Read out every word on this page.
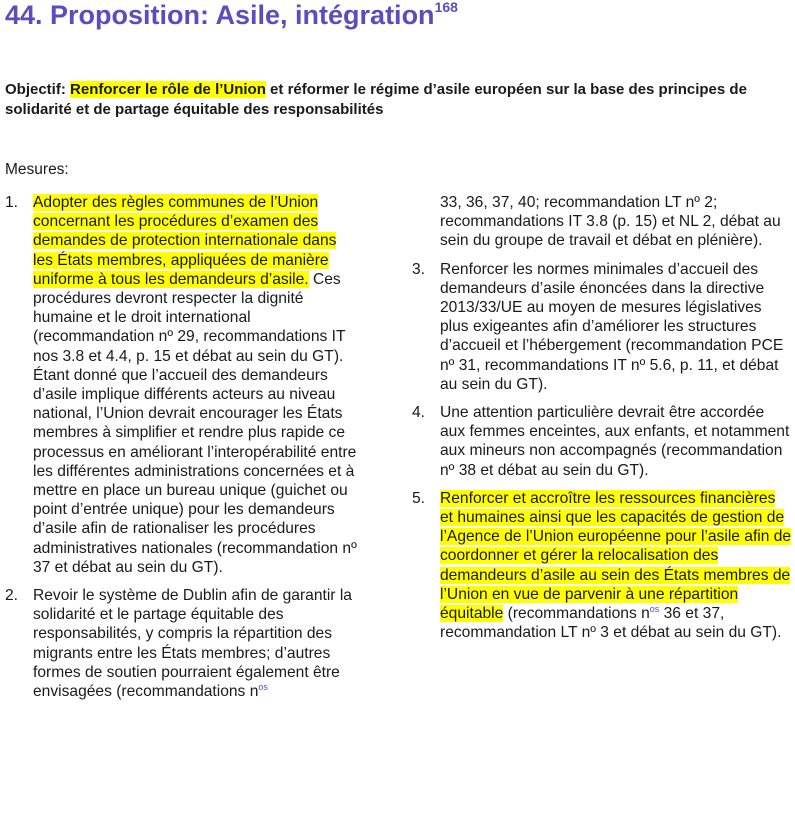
44. Proposition: Asile, intégration$^{168}$
Objectif: Renforcer le rôle de l’Union et réformer le régime d’asile européen sur la base des principes de solidarité et de partage équitable des responsabilités
Mesures:
1. Adopter des règles communes de l’Union concernant les procédures d’examen des demandes de protection internationale dans les États membres, appliquées de manière uniforme à tous les demandeurs d’asile. Ces procédures devront respecter la dignité humaine et le droit international (recommandation nº 29, recommandations IT nos 3.8 et 4.4, p. 15 et débat au sein du GT). Étant donné que l’accueil des demandeurs d’asile implique différents acteurs au niveau national, l’Union devrait encourager les États membres à simplifier et rendre plus rapide ce processus en améliorant l’interopérabilité entre les différentes administrations concernées et à mettre en place un bureau unique (guichet ou point d’entrée unique) pour les demandeurs d’asile afin de rationaliser les procédures administratives nationales (recommandation nº 37 et débat au sein du GT).
2. Revoir le système de Dublin afin de garantir la solidarité et le partage équitable des responsabilités, y compris la répartition des migrants entre les États membres; d’autres formes de soutien pourraient également être envisagées (recommandations $n^{os}$
33, 36, 37, 40; recommandation LT nº 2; recommandations IT 3.8 (p. 15) et NL 2, débat au sein du groupe de travail et débat en plénière).
3. Renforcer les normes minimales d’accueil des demandeurs d’asile énoncées dans la directive 2013/33/UE au moyen de mesures législatives plus exigeantes afin d’améliorer les structures d’accueil et l’hébergement (recommandation PCE nº 31, recommandations IT nº 5.6, p. 11, et débat au sein du GT).
4. Une attention particulière devrait être accordée aux femmes enceintes, aux enfants, et notamment aux mineurs non accompagnés (recommandation nº 38 et débat au sein du GT).
5. Renforcer et accroître les ressources financières et humaines ainsi que les capacités de gestion de l’Agence de l’Union européenne pour l’asile afin de coordonner et gérer la relocalisation des demandeurs d’asile au sein des États membres de l’Union en vue de parvenir à une répartition équitable (recommandations $n^{os}$ 36 et 37, recommandation LT nº 3 et débat au sein du GT).
